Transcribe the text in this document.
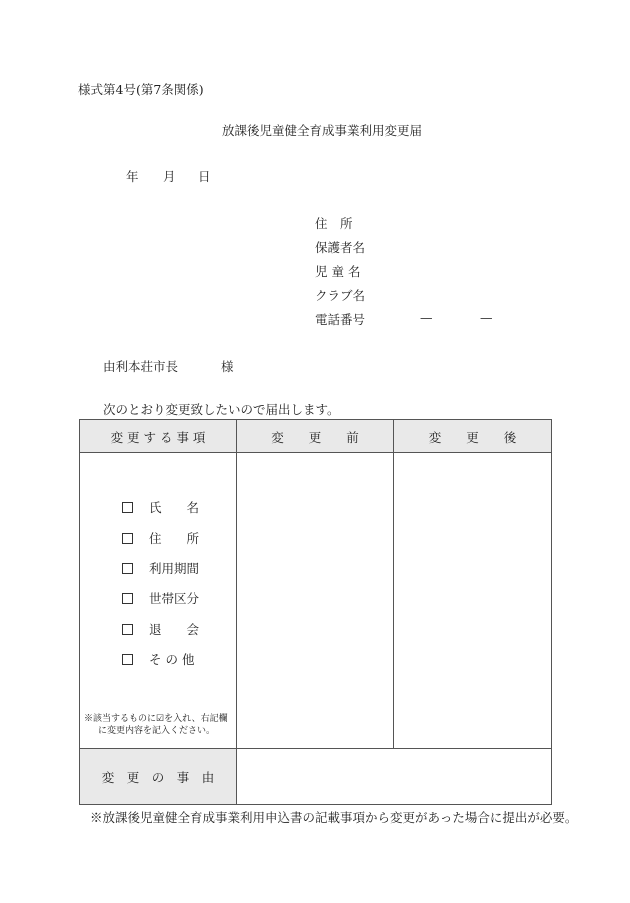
様式第4号(第7条関係)
放課後児童健全育成事業利用変更届
年 月 日
住　所
保護者名
児 童 名
クラブ名
電話番号	—	—
由利本荘市長	様
次のとおり変更致したいので届出します。
変 更 す る 事 項	変　　更　　前	変　　更　　後
氏　　名
住　　所
利用期間
世帯区分
退　　会
そ の 他
※該当するものに☑を入れ、右記欄
に変更内容を記入ください。
変　更　の　事　由
※放課後児童健全育成事業利用申込書の記載事項から変更があった場合に提出が必要。
